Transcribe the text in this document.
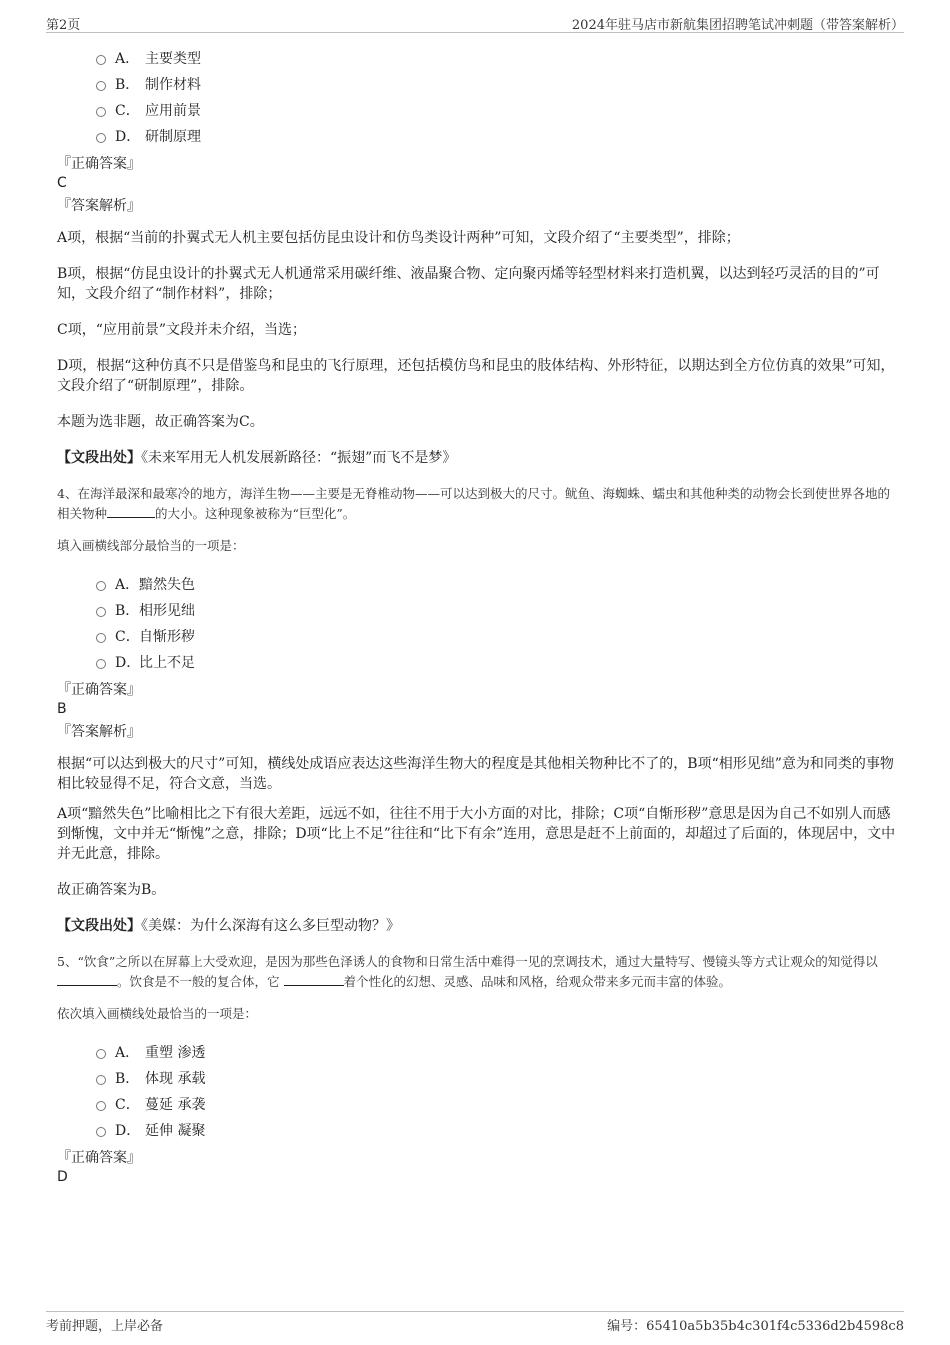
第2页	2024年驻马店市新航集团招聘笔试冲刺题（带答案解析）
A． 主要类型
B． 制作材料
C． 应用前景
D． 研制原理
『正确答案』
C
『答案解析』

A项，根据“当前的扑翼式无人机主要包括仿昆虫设计和仿鸟类设计两种”可知，文段介绍了“主要类型”，排除；

B项，根据“仿昆虫设计的扑翼式无人机通常采用碳纤维、液晶聚合物、定向聚丙烯等轻型材料来打造机翼，以达到轻巧灵活的目的”可知，文段介绍了“制作材料”，排除；

C项，“应用前景”文段并未介绍，当选；

D项，根据“这种仿真不只是借鉴鸟和昆虫的飞行原理，还包括模仿鸟和昆虫的肢体结构、外形特征，以期达到全方位仿真的效果”可知，文段介绍了“研制原理”，排除。

本题为选非题，故正确答案为C。

【文段出处】《未来军用无人机发展新路径：“振翅”而飞不是梦》

4、在海洋最深和最寒冷的地方，海洋生物——主要是无脊椎动物——可以达到极大的尺寸。鱿鱼、海蜘蛛、蠕虫和其他种类的动物会长到使世界各地的相关物种	的大小。这种现象被称为“巨型化”。

填入画横线部分最恰当的一项是：

A． 黯然失色
B． 相形见绌
C． 自惭形秽
D．
比上不足
『正确答案』
B
『答案解析』

根据“可以达到极大的尺寸”可知，横线处成语应表达这些海洋生物大的程度是其他相关物种比不了的，B项“相形见绌”意为和同类的事物相比较显得不足，符合文意，当选。

A项“黯然失色”比喻相比之下有很大差距，远远不如，往往不用于大小方面的对比，排除；C项“自惭形秽”意思是因为自己不如别人而感到惭愧，文中并无“惭愧”之意，排除；D项“比上不足”往往和“比下有余”连用，意思是赶不上前面的，却超过了后面的，体现居中，文中并无此意，排除。

故正确答案为B。

【文段出处】《美媒：为什么深海有这么多巨型动物？》

5、“饮食”之所以在屏幕上大受欢迎，是因为那些色泽诱人的食物和日常生活中难得一见的烹调技术，通过大量特写、慢镜头等方式让观众的知觉得以 。饮食是不一般的复合体，它	着个性化的幻想、灵感、品味和风格，给观众带来多元而丰富的体验。

依次填入画横线处最恰当的一项是：

A． 重塑 渗透
B． 体现 承载
C． 蔓延 承袭
D． 延伸 凝聚
『正确答案』
D
考前押题，上岸必备	编号：65410a5b35b4c301f4c5336d2b4598c8
